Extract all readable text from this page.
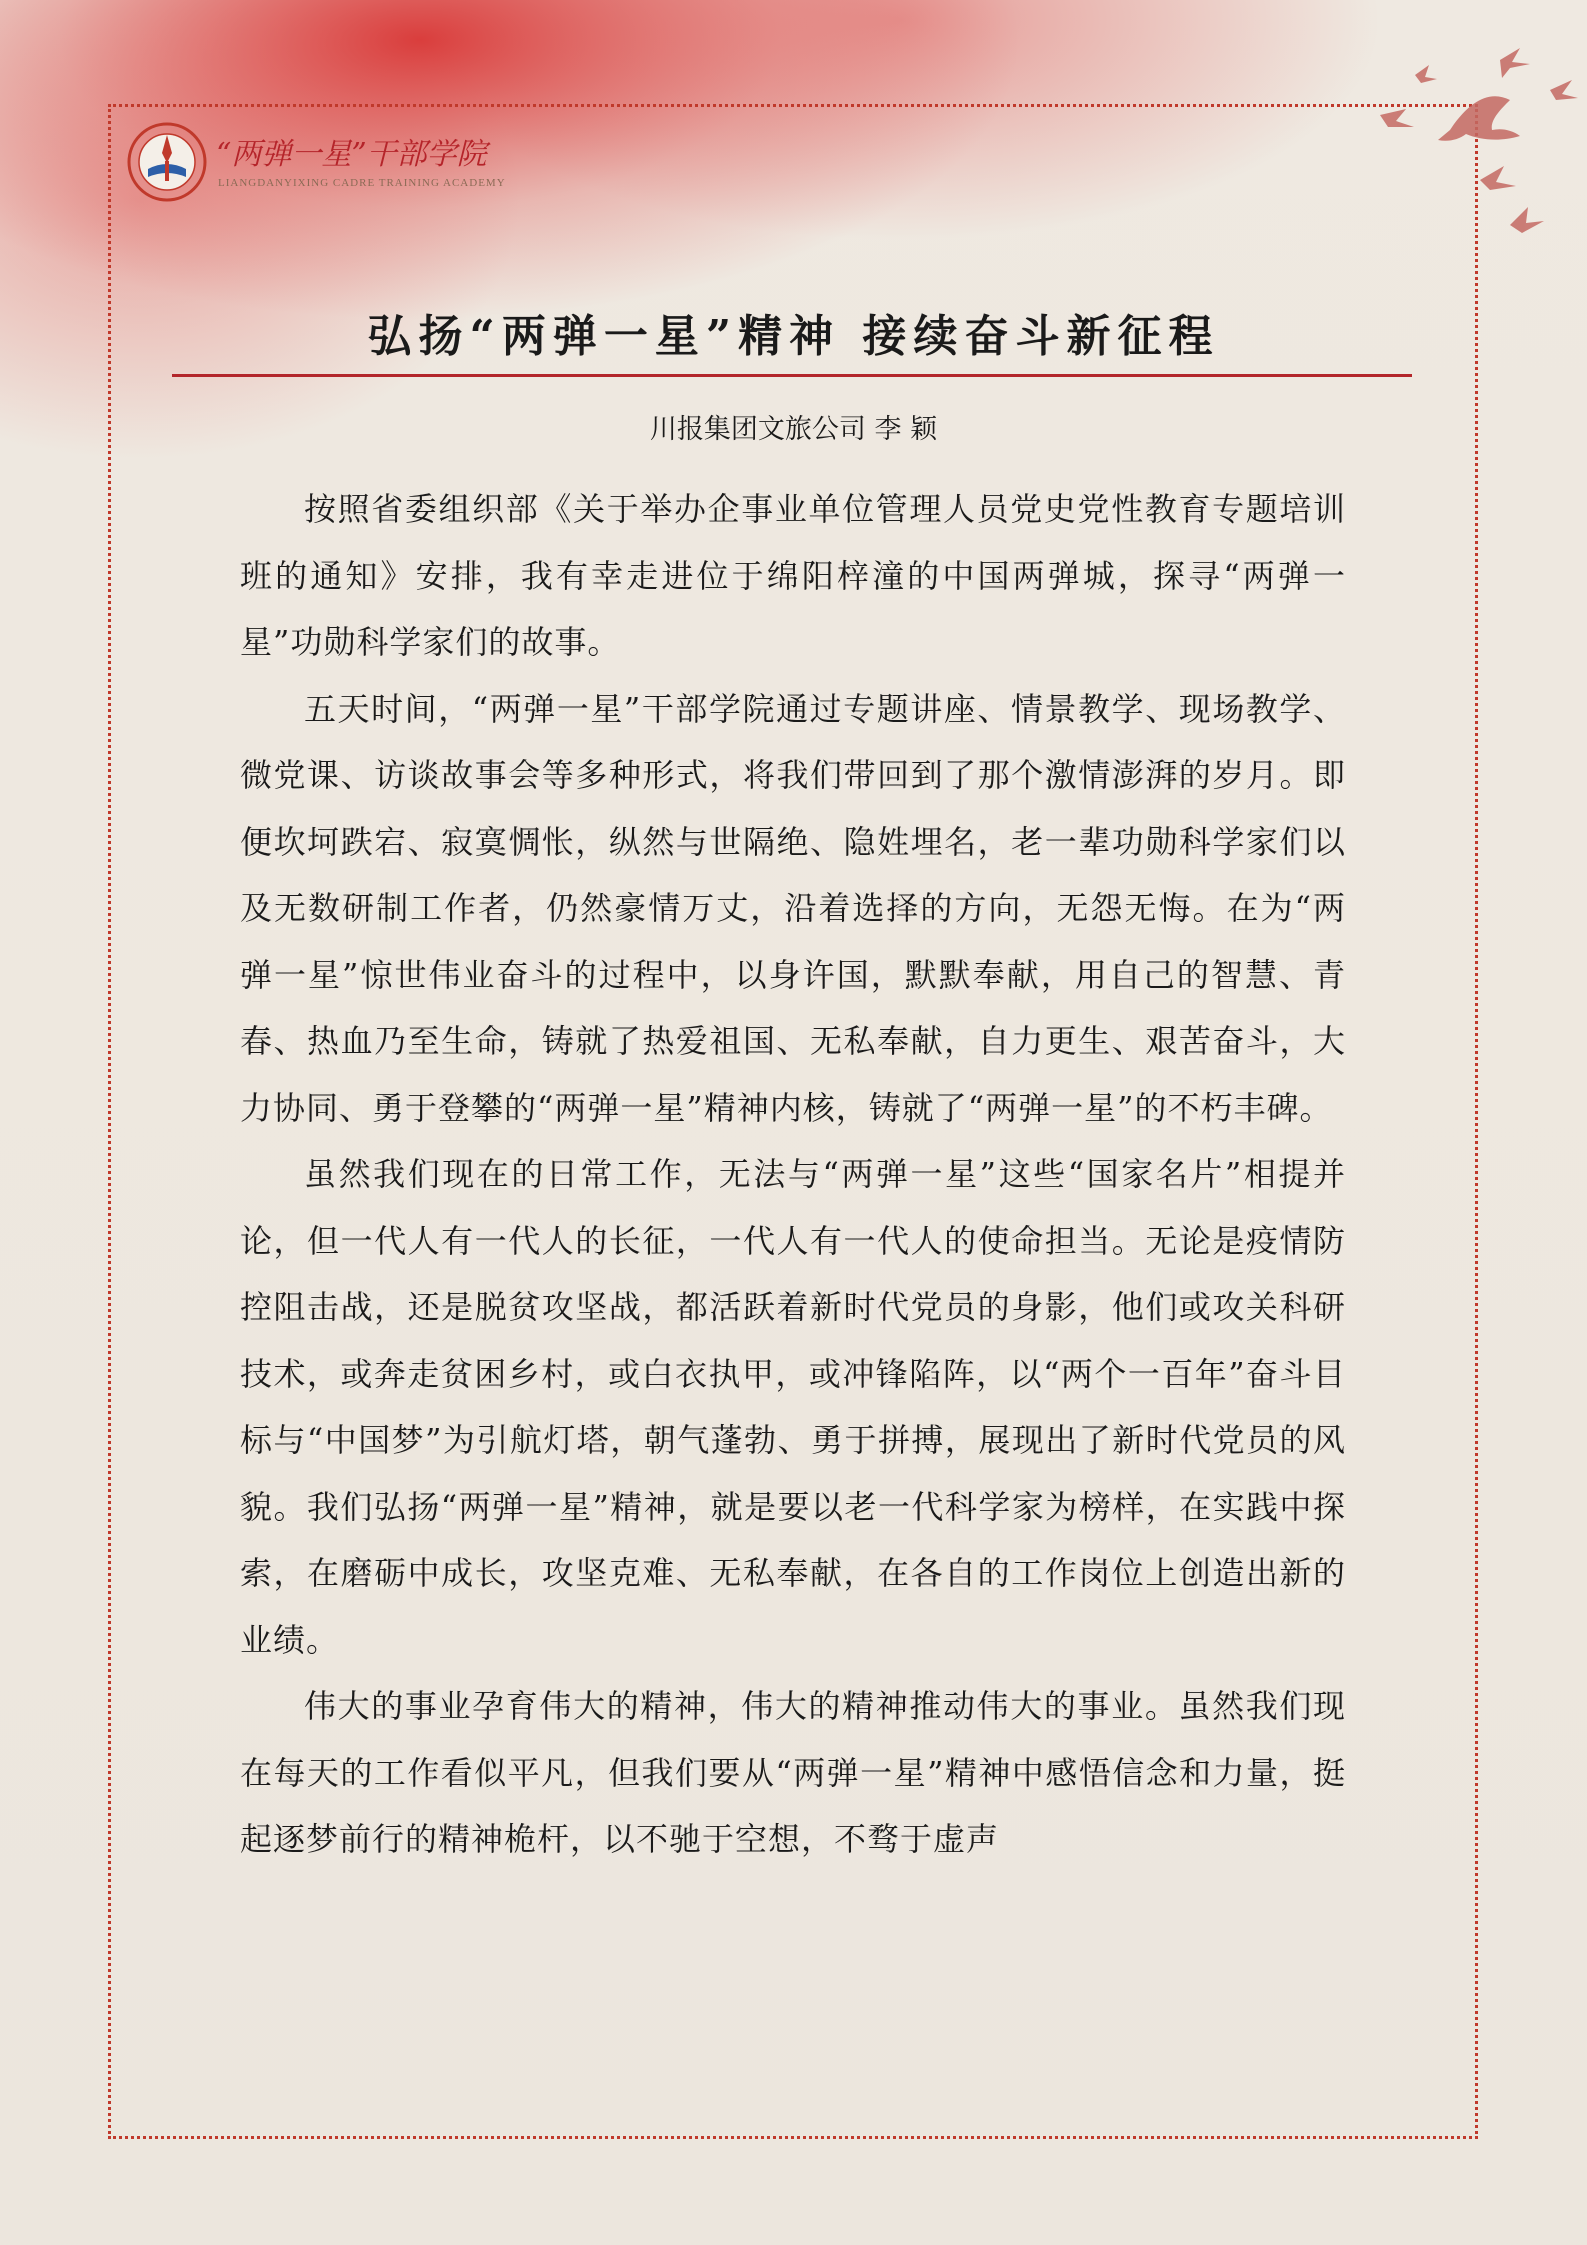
“两弹一星”干部学院
LIANGDANYIXING CADRE TRAINING ACADEMY
弘扬“两弹一星”精神 接续奋斗新征程
川报集团文旅公司 李 颖

按照省委组织部《关于举办企事业单位管理人员党史党性教育专题培训班的通知》安排，我有幸走进位于绵阳梓潼的中国两弹城，探寻“两弹一星”功勋科学家们的故事。

五天时间，“两弹一星”干部学院通过专题讲座、情景教学、现场教学、微党课、访谈故事会等多种形式，将我们带回到了那个激情澎湃的岁月。即便坎坷跌宕、寂寞惆怅，纵然与世隔绝、隐姓埋名，老一辈功勋科学家们以及无数研制工作者，仍然豪情万丈，沿着选择的方向，无怨无悔。在为“两弹一星”惊世伟业奋斗的过程中，以身许国，默默奉献，用自己的智慧、青春、热血乃至生命，铸就了热爱祖国、无私奉献，自力更生、艰苦奋斗，大力协同、勇于登攀的“两弹一星”精神内核，铸就了“两弹一星”的不朽丰碑。

虽然我们现在的日常工作，无法与“两弹一星”这些“国家名片”相提并论，但一代人有一代人的长征，一代人有一代人的使命担当。无论是疫情防控阻击战，还是脱贫攻坚战，都活跃着新时代党员的身影，他们或攻关科研技术，或奔走贫困乡村，或白衣执甲，或冲锋陷阵，以“两个一百年”奋斗目标与“中国梦”为引航灯塔，朝气蓬勃、勇于拼搏，展现出了新时代党员的风貌。我们弘扬“两弹一星”精神，就是要以老一代科学家为榜样，在实践中探索，在磨砺中成长，攻坚克难、无私奉献，在各自的工作岗位上创造出新的业绩。

伟大的事业孕育伟大的精神，伟大的精神推动伟大的事业。虽然我们现在每天的工作看似平凡，但我们要从“两弹一星”精神中感悟信念和力量，挺起逐梦前行的精神桅杆，以不驰于空想，不骛于虚声
